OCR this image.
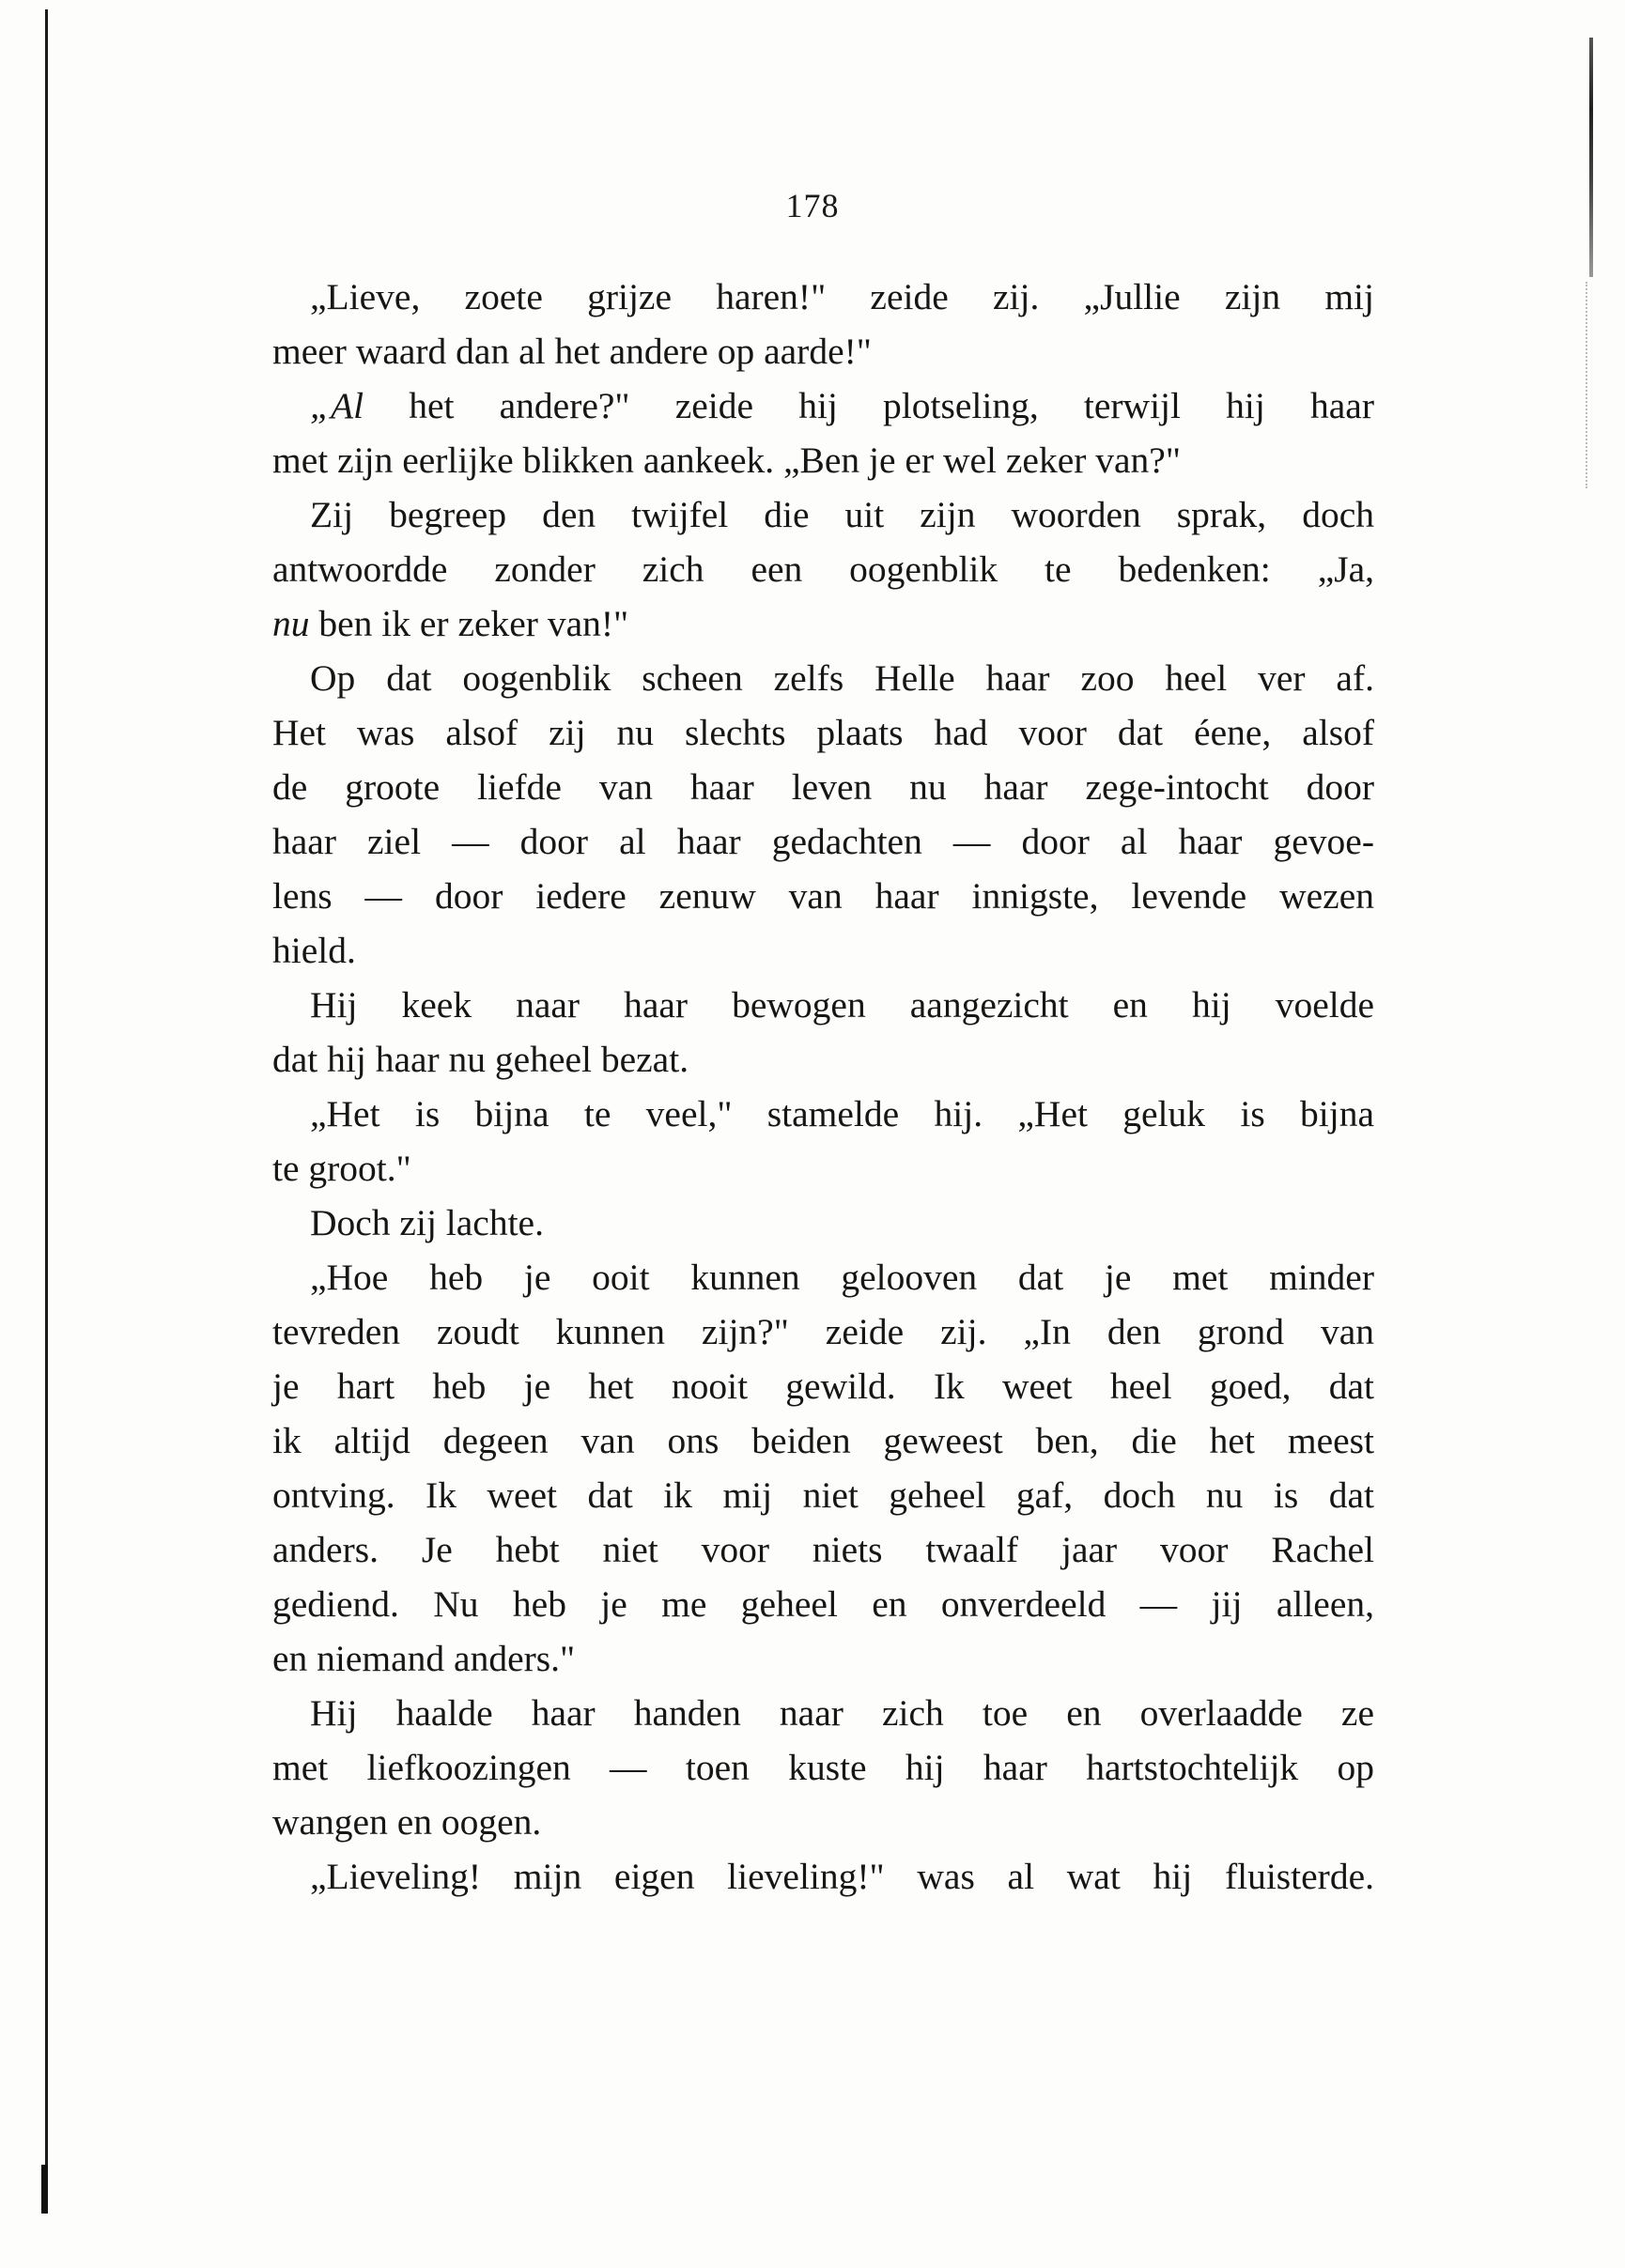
178
„Lieve, zoete grijze haren!" zeide zij. „Jullie zijn mij
meer waard dan al het andere op aarde!"
„Al het andere?" zeide hij plotseling, terwijl hij haar
met zijn eerlijke blikken aankeek. „Ben je er wel zeker van?"
Zij begreep den twijfel die uit zijn woorden sprak, doch
antwoordde zonder zich een oogenblik te bedenken: „Ja,
nu ben ik er zeker van!"
Op dat oogenblik scheen zelfs Helle haar zoo heel ver af.
Het was alsof zij nu slechts plaats had voor dat éene, alsof
de groote liefde van haar leven nu haar zege-intocht door
haar ziel — door al haar gedachten — door al haar gevoe-
lens — door iedere zenuw van haar innigste, levende wezen
hield.
Hij keek naar haar bewogen aangezicht en hij voelde
dat hij haar nu geheel bezat.
„Het is bijna te veel," stamelde hij. „Het geluk is bijna
te groot."
Doch zij lachte.
„Hoe heb je ooit kunnen gelooven dat je met minder
tevreden zoudt kunnen zijn?" zeide zij. „In den grond van
je hart heb je het nooit gewild. Ik weet heel goed, dat
ik altijd degeen van ons beiden geweest ben, die het meest
ontving. Ik weet dat ik mij niet geheel gaf, doch nu is dat
anders. Je hebt niet voor niets twaalf jaar voor Rachel
gediend. Nu heb je me geheel en onverdeeld — jij alleen,
en niemand anders."
Hij haalde haar handen naar zich toe en overlaadde ze
met liefkoozingen — toen kuste hij haar hartstochtelijk op
wangen en oogen.
„Lieveling! mijn eigen lieveling!" was al wat hij fluisterde.
